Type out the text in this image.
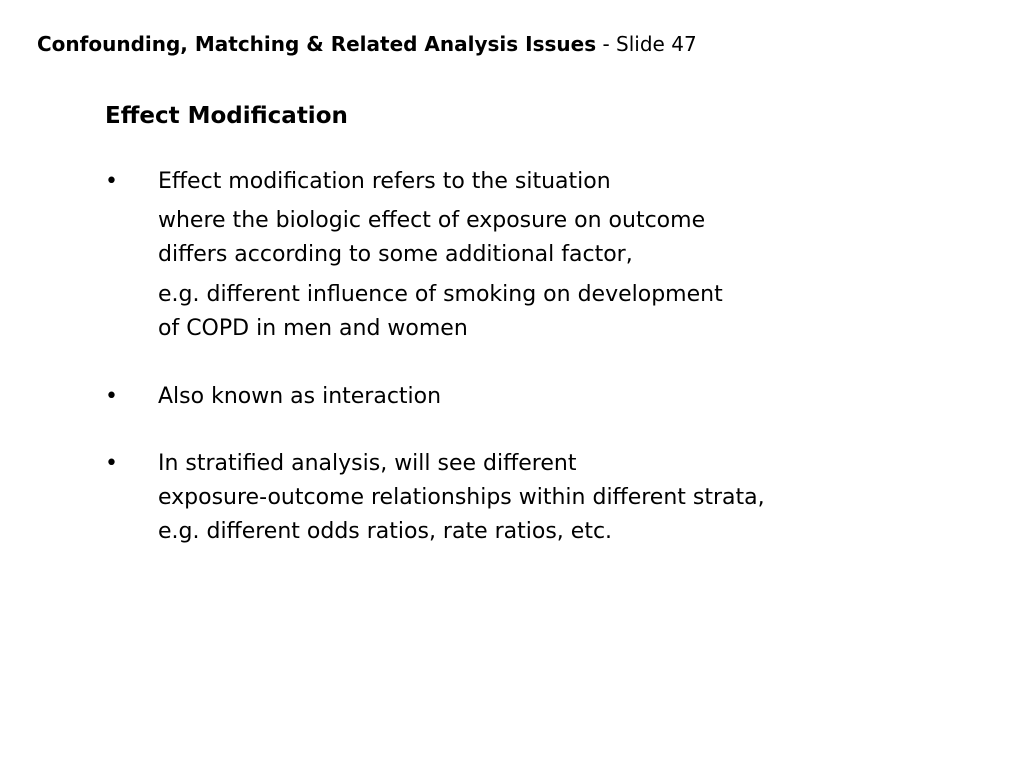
Confounding, Matching & Related Analysis Issues - Slide 47
Effect Modification
•	Effect modification refers to the situation
where the biologic effect of exposure on outcome
differs according to some additional factor,
e.g. different influence of smoking on development
of COPD in men and women
•	Also known as interaction
•	In stratified analysis, will see different
exposure-outcome relationships within different strata,
e.g. different odds ratios, rate ratios, etc.
